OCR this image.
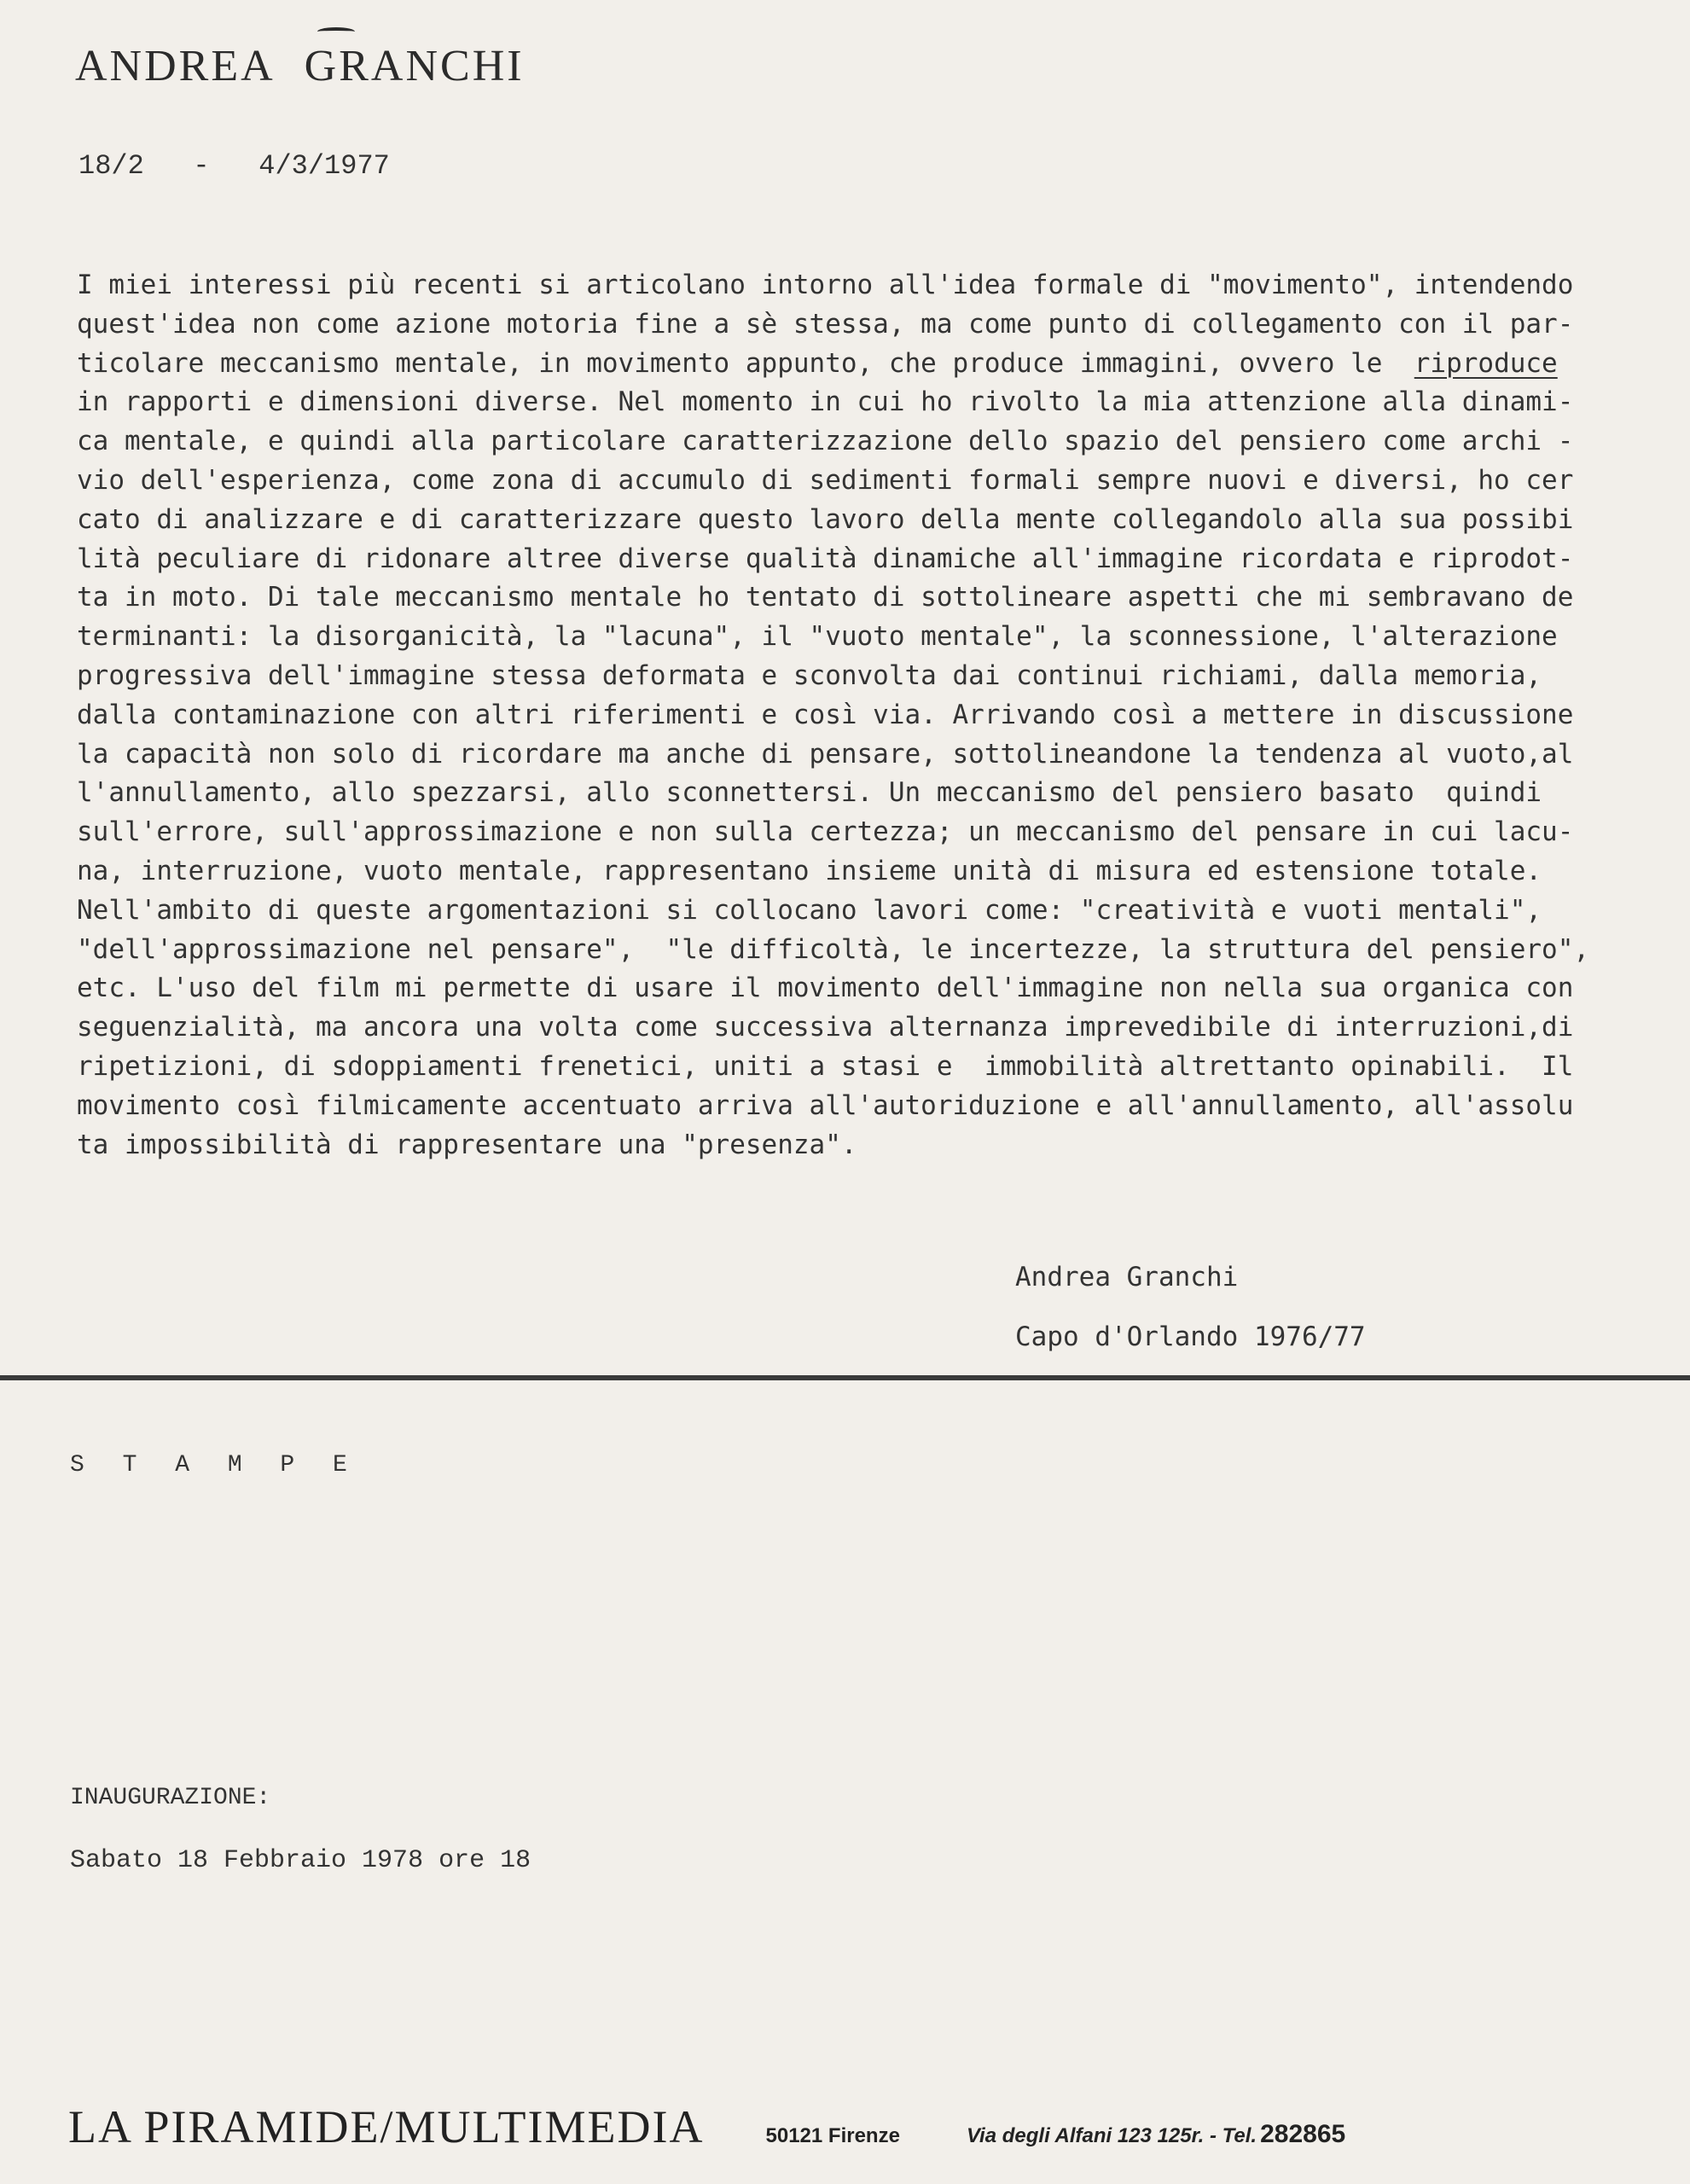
ANDREA GRANCHI
18/2   -   4/3/1977
I miei interessi più recenti si articolano intorno all'idea formale di "movimento", intendendo
quest'idea non come azione motoria fine a sè stessa, ma come punto di collegamento con il par-
ticolare meccanismo mentale, in movimento appunto, che produce immagini, ovvero le  riproduce
in rapporti e dimensioni diverse. Nel momento in cui ho rivolto la mia attenzione alla dinami-
ca mentale, e quindi alla particolare caratterizzazione dello spazio del pensiero come archi -
vio dell'esperienza, come zona di accumulo di sedimenti formali sempre nuovi e diversi, ho cer
cato di analizzare e di caratterizzare questo lavoro della mente collegandolo alla sua possibi
lità peculiare di ridonare altree diverse qualità dinamiche all'immagine ricordata e riprodot-
ta in moto. Di tale meccanismo mentale ho tentato di sottolineare aspetti che mi sembravano de
terminanti: la disorganicità, la "lacuna", il "vuoto mentale", la sconnessione, l'alterazione
progressiva dell'immagine stessa deformata e sconvolta dai continui richiami, dalla memoria,
dalla contaminazione con altri riferimenti e così via. Arrivando così a mettere in discussione
la capacità non solo di ricordare ma anche di pensare, sottolineandone la tendenza al vuoto,al
l'annullamento, allo spezzarsi, allo sconnettersi. Un meccanismo del pensiero basato  quindi
sull'errore, sull'approssimazione e non sulla certezza; un meccanismo del pensare in cui lacu-
na, interruzione, vuoto mentale, rappresentano insieme unità di misura ed estensione totale.
Nell'ambito di queste argomentazioni si collocano lavori come: "creatività e vuoti mentali",
"dell'approssimazione nel pensare",  "le difficoltà, le incertezze, la struttura del pensiero",
etc. L'uso del film mi permette di usare il movimento dell'immagine non nella sua organica con
seguenzialità, ma ancora una volta come successiva alternanza imprevedibile di interruzioni,di
ripetizioni, di sdoppiamenti frenetici, uniti a stasi e  immobilità altrettanto opinabili.  Il
movimento così filmicamente accentuato arriva all'autoriduzione e all'annullamento, all'assolu
ta impossibilità di rappresentare una "presenza".
Andrea Granchi
Capo d'Orlando 1976/77
S T A M P E
INAUGURAZIONE:
Sabato 18 Febbraio 1978 ore 18
LA PIRAMIDE/MULTIMEDIA	50121 Firenze	Via degli Alfani 123 125r. - Tel. 282865
